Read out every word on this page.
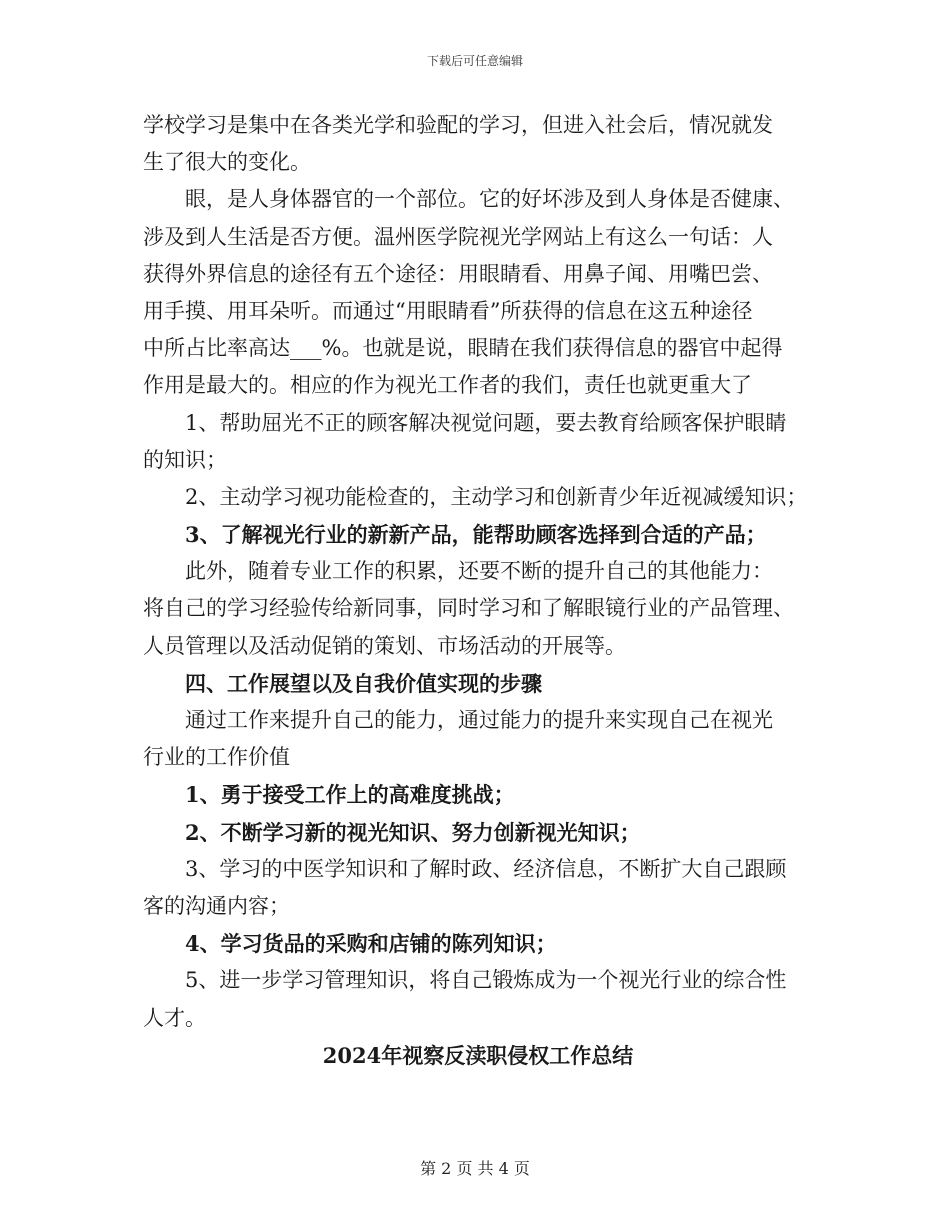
下载后可任意编辑
学校学习是集中在各类光学和验配的学习，但进入社会后，情况就发
生了很大的变化。
眼，是人身体器官的一个部位。它的好坏涉及到人身体是否健康、
涉及到人生活是否方便。温州医学院视光学网站上有这么一句话：人
获得外界信息的途径有五个途径：用眼睛看、用鼻子闻、用嘴巴尝、
用手摸、用耳朵听。而通过“用眼睛看”所获得的信息在这五种途径
中所占比率高达___%。也就是说，眼睛在我们获得信息的器官中起得
作用是最大的。相应的作为视光工作者的我们，责任也就更重大了
1、帮助屈光不正的顾客解决视觉问题，要去教育给顾客保护眼睛
的知识；
2、主动学习视功能检查的，主动学习和创新青少年近视减缓知识；
3、了解视光行业的新新产品，能帮助顾客选择到合适的产品；
此外，随着专业工作的积累，还要不断的提升自己的其他能力：
将自己的学习经验传给新同事，同时学习和了解眼镜行业的产品管理、
人员管理以及活动促销的策划、市场活动的开展等。
四、工作展望以及自我价值实现的步骤
通过工作来提升自己的能力，通过能力的提升来实现自己在视光
行业的工作价值
1、勇于接受工作上的高难度挑战；
2、不断学习新的视光知识、努力创新视光知识；
3、学习的中医学知识和了解时政、经济信息，不断扩大自己跟顾
客的沟通内容；
4、学习货品的采购和店铺的陈列知识；
5、进一步学习管理知识，将自己锻炼成为一个视光行业的综合性
人才。
2024年视察反渎职侵权工作总结
第 2 页 共 4 页
